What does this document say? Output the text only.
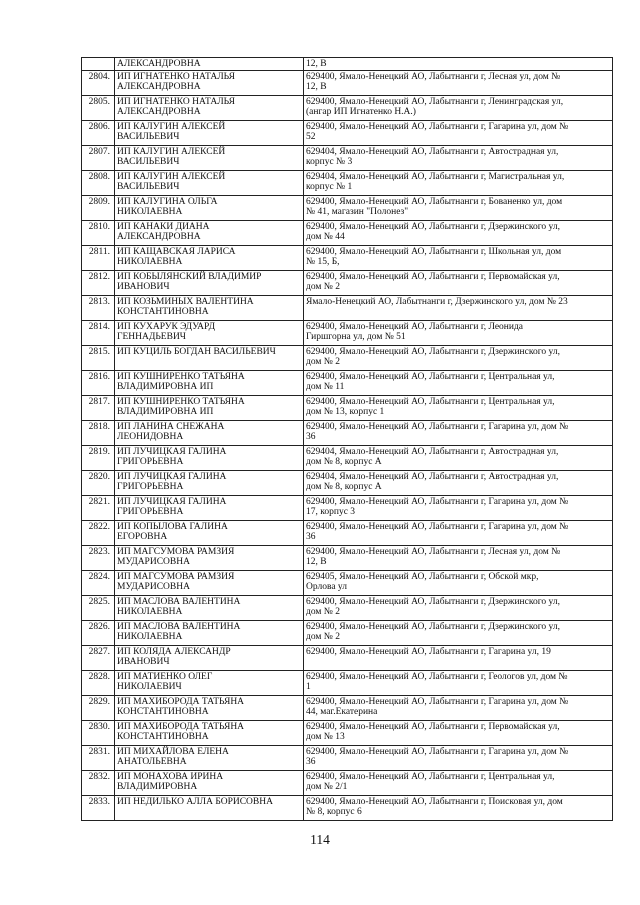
	АЛЕКСАНДРОВНА	12, В
2804.	ИП ИГНАТЕНКО НАТАЛЬЯ
АЛЕКСАНДРОВНА	629400, Ямало-Ненецкий АО, Лабытнанги г, Лесная ул, дом №
12, В
2805.	ИП ИГНАТЕНКО НАТАЛЬЯ
АЛЕКСАНДРОВНА	629400, Ямало-Ненецкий АО, Лабытнанги г, Ленинградская ул,
(ангар ИП Игнатенко Н.А.)
2806.	ИП КАЛУГИН АЛЕКСЕЙ
ВАСИЛЬЕВИЧ	629400, Ямало-Ненецкий АО, Лабытнанги г, Гагарина ул, дом №
52
2807.	ИП КАЛУГИН АЛЕКСЕЙ
ВАСИЛЬЕВИЧ	629404, Ямало-Ненецкий АО, Лабытнанги г, Автострадная ул,
корпус № 3
2808.	ИП КАЛУГИН АЛЕКСЕЙ
ВАСИЛЬЕВИЧ	629404, Ямало-Ненецкий АО, Лабытнанги г, Магистральная ул,
корпус № 1
2809.	ИП КАЛУГИНА ОЛЬГА
НИКОЛАЕВНА	629400, Ямало-Ненецкий АО, Лабытнанги г, Бованенко ул, дом
№ 41, магазин "Полонез"
2810.	ИП КАНАКИ ДИАНА
АЛЕКСАНДРОВНА	629400, Ямало-Ненецкий АО, Лабытнанги г, Дзержинского ул,
дом № 44
2811.	ИП КАЩАВСКАЯ ЛАРИСА
НИКОЛАЕВНА	629400, Ямало-Ненецкий АО, Лабытнанги г, Школьная ул, дом
№ 15, Б,
2812.	ИП КОБЫЛЯНСКИЙ ВЛАДИМИР
ИВАНОВИЧ	629400, Ямало-Ненецкий АО, Лабытнанги г, Первомайская ул,
дом № 2
2813.	ИП КОЗЬМИНЫХ ВАЛЕНТИНА
КОНСТАНТИНОВНА	Ямало-Ненецкий АО, Лабытнанги г, Дзержинского ул, дом № 23
2814.	ИП КУХАРУК ЭДУАРД
ГЕННАДЬЕВИЧ	629400, Ямало-Ненецкий АО, Лабытнанги г, Леонида
Гиршгорна ул, дом № 51
2815.	ИП КУЦИЛЬ БОГДАН ВАСИЛЬЕВИЧ	629400, Ямало-Ненецкий АО, Лабытнанги г, Дзержинского ул,
дом № 2
2816.	ИП КУШНИРЕНКО ТАТЬЯНА
ВЛАДИМИРОВНА ИП	629400, Ямало-Ненецкий АО, Лабытнанги г, Центральная ул,
дом № 11
2817.	ИП КУШНИРЕНКО ТАТЬЯНА
ВЛАДИМИРОВНА ИП	629400, Ямало-Ненецкий АО, Лабытнанги г, Центральная ул,
дом № 13, корпус 1
2818.	ИП ЛАНИНА СНЕЖАНА
ЛЕОНИДОВНА	629400, Ямало-Ненецкий АО, Лабытнанги г, Гагарина ул, дом №
36
2819.	ИП ЛУЧИЦКАЯ ГАЛИНА
ГРИГОРЬЕВНА	629404, Ямало-Ненецкий АО, Лабытнанги г, Автострадная ул,
дом № 8, корпус А
2820.	ИП ЛУЧИЦКАЯ ГАЛИНА
ГРИГОРЬЕВНА	629404, Ямало-Ненецкий АО, Лабытнанги г, Автострадная ул,
дом № 8, корпус А
2821.	ИП ЛУЧИЦКАЯ ГАЛИНА
ГРИГОРЬЕВНА	629400, Ямало-Ненецкий АО, Лабытнанги г, Гагарина ул, дом №
17, корпус 3
2822.	ИП КОПЫЛОВА ГАЛИНА
ЕГОРОВНА	629400, Ямало-Ненецкий АО, Лабытнанги г, Гагарина ул, дом №
36
2823.	ИП МАГСУМОВА РАМЗИЯ
МУДАРИСОВНА	629400, Ямало-Ненецкий АО, Лабытнанги г, Лесная ул, дом №
12, В
2824.	ИП МАГСУМОВА РАМЗИЯ
МУДАРИСОВНА	629405, Ямало-Ненецкий АО, Лабытнанги г, Обской мкр,
Орлова ул
2825.	ИП МАСЛОВА ВАЛЕНТИНА
НИКОЛАЕВНА	629400, Ямало-Ненецкий АО, Лабытнанги г, Дзержинского ул,
дом № 2
2826.	ИП МАСЛОВА ВАЛЕНТИНА
НИКОЛАЕВНА	629400, Ямало-Ненецкий АО, Лабытнанги г, Дзержинского ул,
дом № 2
2827.	ИП КОЛЯДА АЛЕКСАНДР
ИВАНОВИЧ	629400, Ямало-Ненецкий АО, Лабытнанги г, Гагарина ул, 19
2828.	ИП МАТИЕНКО ОЛЕГ
НИКОЛАЕВИЧ	629400, Ямало-Ненецкий АО, Лабытнанги г, Геологов ул, дом №
1
2829.	ИП МАХИБОРОДА ТАТЬЯНА
КОНСТАНТИНОВНА	629400, Ямало-Ненецкий АО, Лабытнанги г, Гагарина ул, дом №
44, маг.Екатерина
2830.	ИП МАХИБОРОДА ТАТЬЯНА
КОНСТАНТИНОВНА	629400, Ямало-Ненецкий АО, Лабытнанги г, Первомайская ул,
дом № 13
2831.	ИП МИХАЙЛОВА ЕЛЕНА
АНАТОЛЬЕВНА	629400, Ямало-Ненецкий АО, Лабытнанги г, Гагарина ул, дом №
36
2832.	ИП МОНАХОВА ИРИНА
ВЛАДИМИРОВНА	629400, Ямало-Ненецкий АО, Лабытнанги г, Центральная ул,
дом № 2/1
2833.	ИП НЕДИЛЬКО АЛЛА БОРИСОВНА	629400, Ямало-Ненецкий АО, Лабытнанги г, Поисковая ул, дом
№ 8, корпус 6
114
